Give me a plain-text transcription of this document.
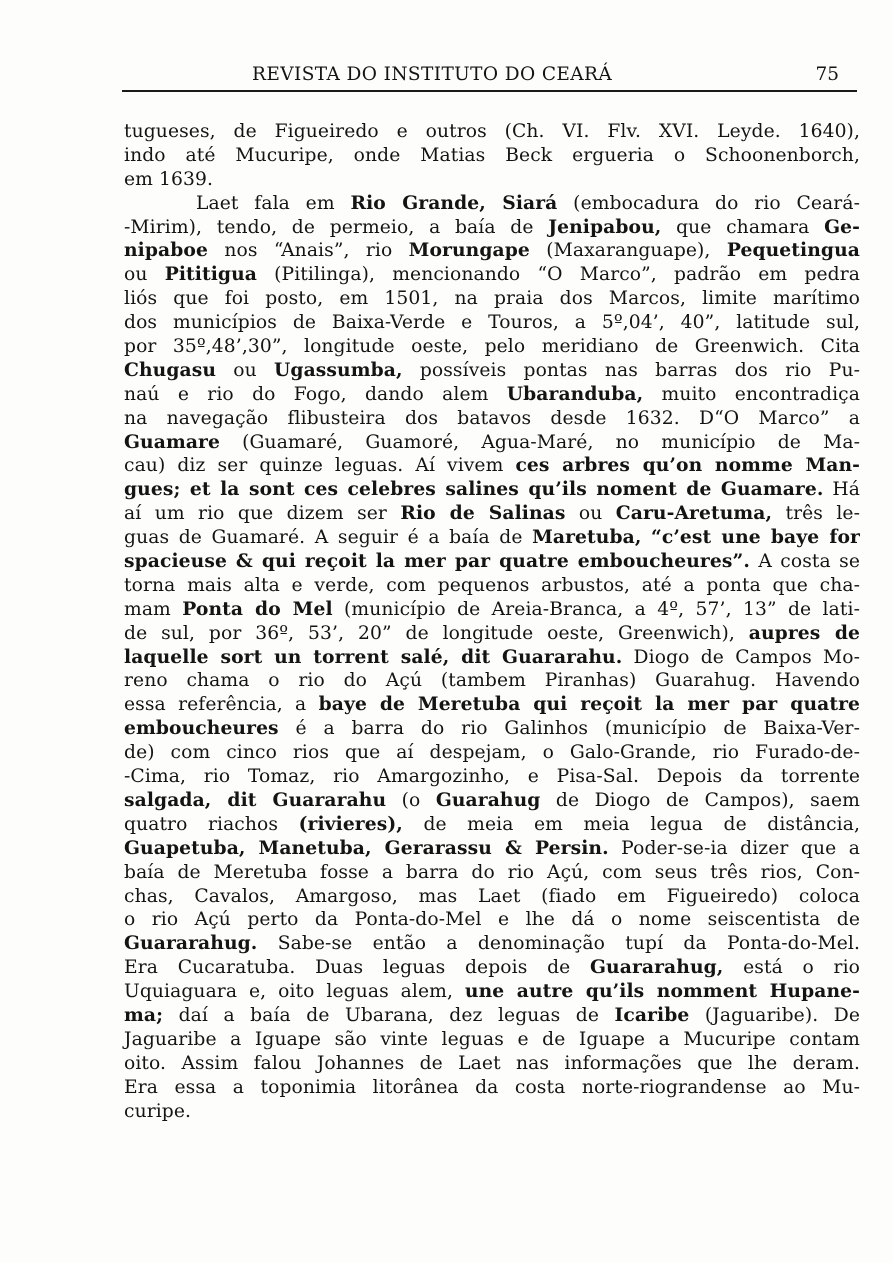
REVISTA DO INSTITUTO DO CEARÁ	75
tugueses, de Figueiredo e outros (Ch. VI. Flv. XVI. Leyde. 1640),
indo até Mucuripe, onde Matias Beck ergueria o Schoonenborch,
em 1639.
Laet fala em Rio Grande, Siará (embocadura do rio Ceará-
-Mirim), tendo, de permeio, a baía de Jenipabou, que chamara Ge-
nipaboe nos “Anais”, rio Morungape (Maxaranguape), Pequetingua
ou Pititigua (Pitilinga), mencionando “O Marco”, padrão em pedra
liós que foi posto, em 1501, na praia dos Marcos, limite marítimo
dos municípios de Baixa-Verde e Touros, a 5º,04’, 40”, latitude sul,
por 35º,48’,30”, longitude oeste, pelo meridiano de Greenwich. Cita
Chugasu ou Ugassumba, possíveis pontas nas barras dos rio Pu-
naú e rio do Fogo, dando alem Ubaranduba, muito encontradiça
na navegação flibusteira dos batavos desde 1632. D“O Marco” a
Guamare (Guamaré, Guamoré, Agua-Maré, no município de Ma-
cau) diz ser quinze leguas. Aí vivem ces arbres qu’on nomme Man-
gues; et la sont ces celebres salines qu’ils noment de Guamare. Há
aí um rio que dizem ser Rio de Salinas ou Caru-Aretuma, três le-
guas de Guamaré. A seguir é a baía de Maretuba, “c’est une baye for
spacieuse & qui reçoit la mer par quatre emboucheures”. A costa se
torna mais alta e verde, com pequenos arbustos, até a ponta que cha-
mam Ponta do Mel (município de Areia-Branca, a 4º, 57’, 13” de lati-
de sul, por 36º, 53’, 20” de longitude oeste, Greenwich), aupres de
laquelle sort un torrent salé, dit Guararahu. Diogo de Campos Mo-
reno chama o rio do Açú (tambem Piranhas) Guarahug. Havendo
essa referência, a baye de Meretuba qui reçoit la mer par quatre
emboucheures é a barra do rio Galinhos (município de Baixa-Ver-
de) com cinco rios que aí despejam, o Galo-Grande, rio Furado-de-
-Cima, rio Tomaz, rio Amargozinho, e Pisa-Sal. Depois da torrente
salgada, dit Guararahu (o Guarahug de Diogo de Campos), saem
quatro riachos (rivieres), de meia em meia legua de distância,
Guapetuba, Manetuba, Gerarassu & Persin. Poder-se-ia dizer que a
baía de Meretuba fosse a barra do rio Açú, com seus três rios, Con-
chas, Cavalos, Amargoso, mas Laet (fiado em Figueiredo) coloca
o rio Açú perto da Ponta-do-Mel e lhe dá o nome seiscentista de
Guararahug. Sabe-se então a denominação tupí da Ponta-do-Mel.
Era Cucaratuba. Duas leguas depois de Guararahug, está o rio
Uquiaguara e, oito leguas alem, une autre qu’ils nomment Hupane-
ma; daí a baía de Ubarana, dez leguas de Icaribe (Jaguaribe). De
Jaguaribe a Iguape são vinte leguas e de Iguape a Mucuripe contam
oito. Assim falou Johannes de Laet nas informações que lhe deram.
Era essa a toponimia litorânea da costa norte-riograndense ao Mu-
curipe.
